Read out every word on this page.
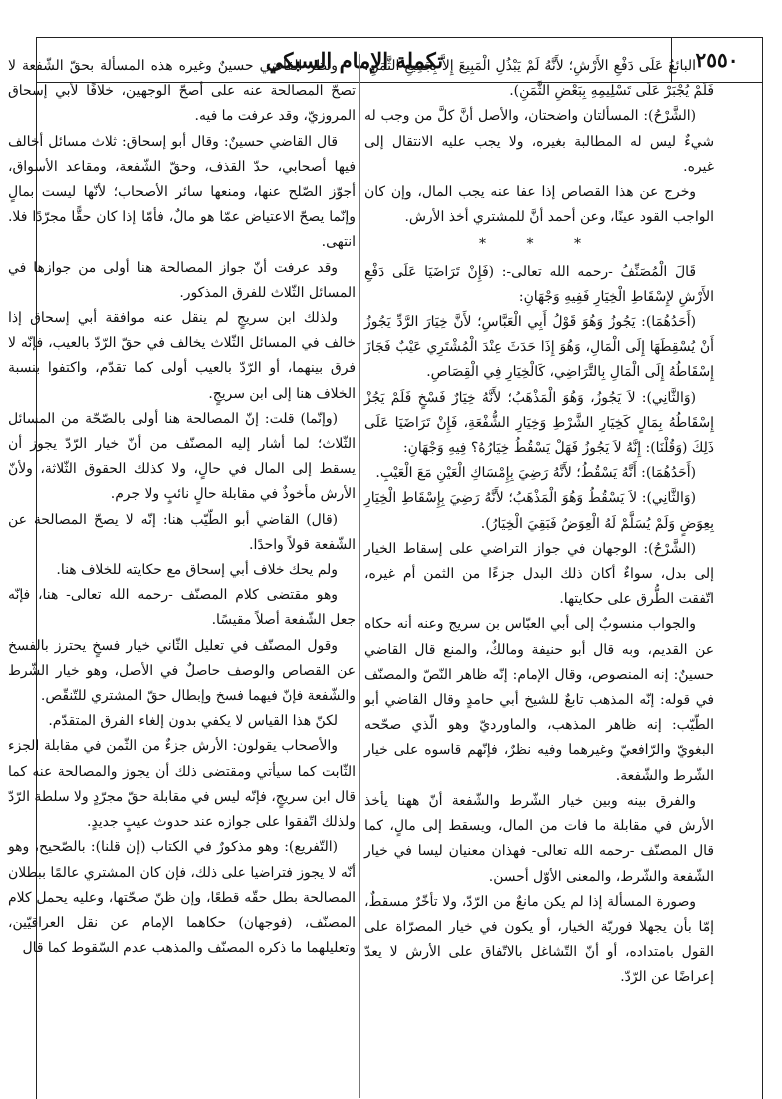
٢٥٥٠
تكملة الإمام السبكي

البائعُ عَلَى دَفْعِ الأَرْشِ؛ لأَنَّهُ لَمْ يَبْذُلِ الْمَبِيعَ إِلاَّ بِجَمِيعِ الثَّمَنِ، فَلَمْ يُجْبَرْ عَلَى تَسْلِيمِهِ بِبَعْضِ الثَّمَنِ).

(الشَّرْحُ): المسألتان واضحتان، والأصل أنَّ كلَّ من وجب له شيءٌ ليس له المطالبة بغيره، ولا يجب عليه الانتقال إلى غيره.

وخرج عن هذا القصاص إذا عفا عنه يجب المال، وإن كان الواجب القود عينًا، وعن أحمد أنَّ للمشتري أخذ الأرش.

* * *

قَالَ الْمُصَنِّفُ -رحمه الله تعالى-: (فَإِنْ تَرَاضَيَا عَلَى دَفْعِ الأَرْشِ لإِسْقَاطِ الْخِيَارِ فَفِيهِ وَجْهَانِ:

(أَحَدُهُمَا): يَجُوزُ وَهُوَ قَوْلُ أَبِي الْعَبَّاسِ؛ لأَنَّ خِيَارَ الرَّدِّ يَجُوزُ أَنْ يُسْقِطَهَا إِلَى الْمَالِ، وَهُوَ إِذَا حَدَثَ عِنْدَ الْمُشْتَرِي عَيْبٌ فَجَازَ إِسْقَاطُهُ إِلَى الْمَالِ بِالتَّرَاضِي، كَالْخِيَارِ فِي الْقِصَاصِ.

(وَالثَّانِي): لاَ يَجُوزُ، وَهُوَ الْمَذْهَبُ؛ لأَنَّهُ خِيَارٌ فَسْخٍ فَلَمْ يَجُزْ إِسْقَاطُهُ بِمَالٍ كَخِيَارِ الشَّرْطِ وَخِيَارِ الشُّفْعَةِ، فَإِنْ تَرَاضَيَا عَلَى ذَلِكَ (وَقُلْنَا): إِنَّهُ لاَ يَجُوزُ فَهَلْ يَسْقُطُ خِيَارُهُ؟ فِيهِ وَجْهَانِ:

(أَحَدُهُمَا): أَنَّهُ يَسْقُطُ؛ لأَنَّهُ رَضِيَ بِإِمْسَاكِ الْعَيْنِ مَعَ الْعَيْبِ.

(وَالثَّانِي): لاَ يَسْقُطُ وَهُوَ الْمَذْهَبُ؛ لأَنَّهُ رَضِيَ بِإِسْقَاطِ الْخِيَارِ بِعِوَضٍ وَلَمْ يُسَلَّمْ لَهُ الْعِوَضُ فَبَقِيَ الْخِيَارُ).

(الشَّرْحُ): الوجهان في جواز التراضي على إسقاط الخيار إلى بدل، سواءٌ أكان ذلك البدل جزءًا من الثمن أم غيره، اتّفقت الطُّرق على حكايتها.

والجواب منسوبٌ إلى أبي العبّاس بن سريج وعنه أنه حكاه عن القديم، وبه قال أبو حنيفة ومالكٌ، والمنع قال القاضي حسينٌ: إنه المنصوص، وقال الإمام: إنّه ظاهر النّصّ والمصنّف في قوله: إنّه المذهب تابعٌ للشيخ أبي حامدٍ وقال القاضي أبو الطّيّب: إنه ظاهر المذهب، والماورديّ وهو الّذي صحّحه البغويّ والرّافعيّ وغيرهما وفيه نظرٌ، فإنّهم قاسوه على خيار الشّرط والشّفعة.

والفرق بينه وبين خيار الشّرط والشّفعة أنّ ههنا يأخذ الأرش في مقابلة ما فات من المال، ويسقط إلى مالٍ، كما قال المصنّف -رحمه الله تعالى- فهذان معنيان ليسا في خيار الشّفعة والشّرط، والمعنى الأوّل أحسن.

وصورة المسألة إذا لم يكن مانعٌ من الرّدّ، ولا تأخّرٌ مسقطٌ، إمّا بأن يجهلا فوريّة الخيار، أو يكون في خيار المصرّاة على القول بامتداده، أو أنّ التّشاغل بالاتّفاق على الأرش لا يعدّ إعراضًا عن الرّدّ.

ونظر القاضي حسينٌ وغيره هذه المسألة بحقّ الشّفعة لا تصحّ المصالحة عنه على أصحّ الوجهين، خلافًا لأبي إسحاق المروزيّ، وقد عرفت ما فيه.

قال القاضي حسينٌ: وقال أبو إسحاق: ثلاث مسائل أخالف فيها أصحابي، حدّ القذف، وحقّ الشّفعة، ومقاعد الأسواق، أجوّز الصّلح عنها، ومنعها سائر الأصحاب؛ لأنّها ليست بمالٍ وإنّما يصحّ الاعتياض عمّا هو مالٌ، فأمّا إذا كان حقًّا مجرّدًا فلا. انتهى.

وقد عرفت أنّ جواز المصالحة هنا أولى من جوازها في المسائل الثّلاث للفرق المذكور.

ولذلك ابن سريجٍ لم ينقل عنه موافقة أبي إسحاق إذا خالف في المسائل الثّلاث يخالف في حقّ الرّدّ بالعيب، فإنّه لا فرق بينهما، أو الرّدّ بالعيب أولى كما تقدّم، واكتفوا بنسبة الخلاف هنا إلى ابن سريجٍ.

(وإنّما) قلت: إنّ المصالحة هنا أولى بالصّحّة من المسائل الثّلاث؛ لما أشار إليه المصنّف من أنّ خيار الرّدّ يجوز أن يسقط إلى المال في حالٍ، ولا كذلك الحقوق الثّلاثة، ولأنّ الأرش مأخوذٌ في مقابلة حالٍ نائبٍ ولا جرم.

(قال) القاضي أبو الطّيّب هنا: إنّه لا يصحّ المصالحة عن الشّفعة قولاً واحدًا.

ولم يحك خلاف أبي إسحاق مع حكايته للخلاف هنا.

وهو مقتضى كلام المصنّف -رحمه الله تعالى- هنا، فإنّه جعل الشّفعة أصلاً مقيسًا.

وقول المصنّف في تعليل الثّاني خيار فسخٍ يحترز بالفسخ عن القصاص والوصف حاصلٌ في الأصل، وهو خيار الشّرط والشّفعة فإنّ فيهما فسخ وإبطال حقّ المشتري للتّنقّص.

لكنّ هذا القياس لا يكفي بدون إلغاء الفرق المتقدّم.

والأصحاب يقولون: الأرش جزءٌ من الثّمن في مقابلة الجزء الثّابت كما سيأتي ومقتضى ذلك أن يجوز والمصالحة عنه كما قال ابن سريجٍ، فإنّه ليس في مقابلة حقّ مجرّدٍ ولا سلطة الرّدّ ولذلك اتّفقوا على جوازه عند حدوث عيبٍ جديدٍ.

(التّفريع): وهو مذكورٌ في الكتاب (إن قلنا): بالصّحيح، وهو أنّه لا يجوز فتراضيا على ذلك، فإن كان المشتري عالمًا ببطلان المصالحة بطل حقّه قطعًا، وإن ظنّ صحّتها، وعليه يحمل كلام المصنّف، (فوجهان) حكاهما الإمام عن نقل العراقيّين، وتعليلهما ما ذكره المصنّف والمذهب عدم السّقوط كما قال
